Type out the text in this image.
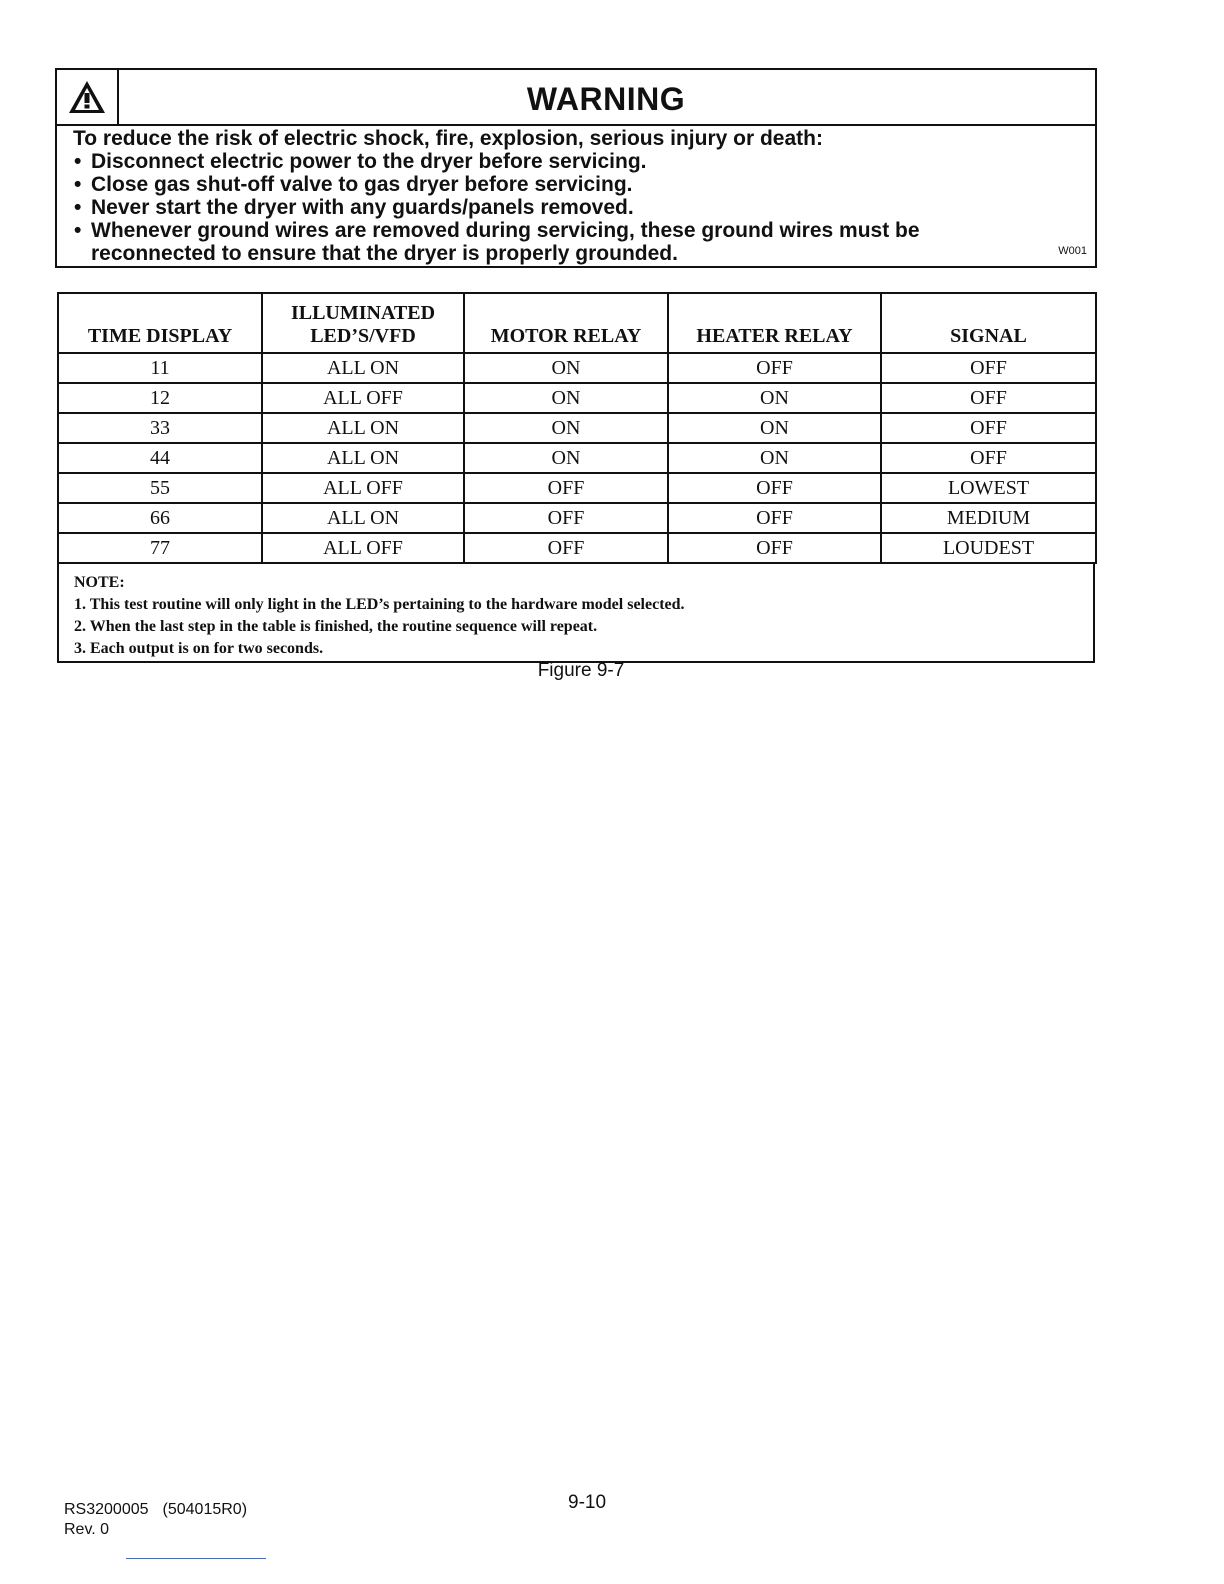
WARNING
To reduce the risk of electric shock, fire, explosion, serious injury or death:
• Disconnect electric power to the dryer before servicing.
• Close gas shut-off valve to gas dryer before servicing.
• Never start the dryer with any guards/panels removed.
• Whenever ground wires are removed during servicing, these ground wires must be
reconnected to ensure that the dryer is properly grounded.	W001
TIME DISPLAY	ILLUMINATED
LED’S/VFD	MOTOR RELAY	HEATER RELAY	SIGNAL
11	ALL ON	ON	OFF	OFF
12	ALL OFF	ON	ON	OFF
33	ALL ON	ON	ON	OFF
44	ALL ON	ON	ON	OFF
55	ALL OFF	OFF	OFF	LOWEST
66	ALL ON	OFF	OFF	MEDIUM
77	ALL OFF	OFF	OFF	LOUDEST
NOTE:
1. This test routine will only light in the LED’s pertaining to the hardware model selected.
2. When the last step in the table is finished, the routine sequence will repeat.
3. Each output is on for two seconds.
Figure 9-7
RS3200005 (504015R0)
Rev. 0
9-10
